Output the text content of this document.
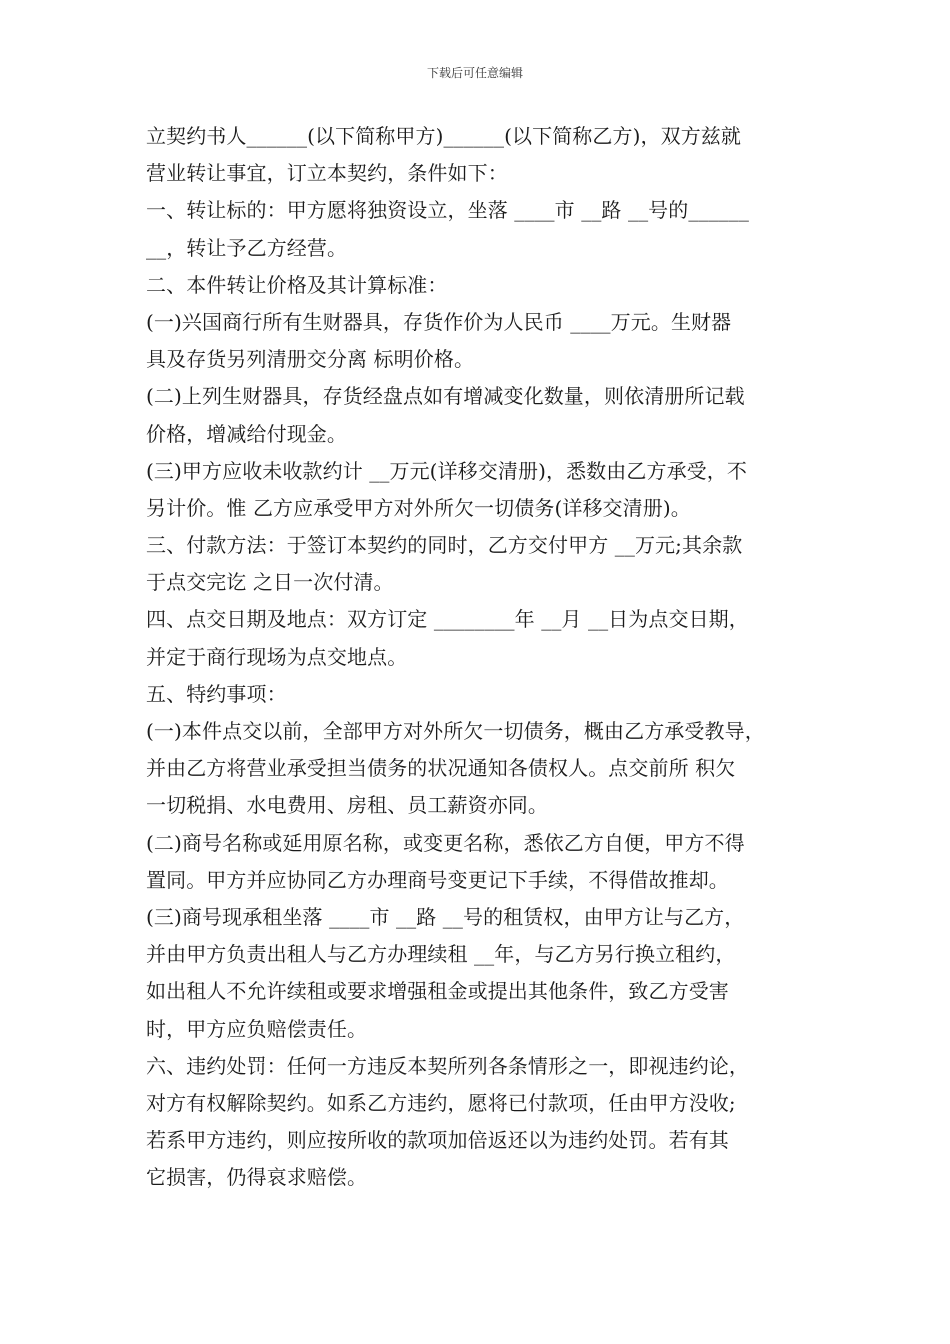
下载后可任意编辑
立契约书人______(以下简称甲方)______(以下简称乙方)，双方兹就
营业转让事宜，订立本契约，条件如下：
一、转让标的：甲方愿将独资设立，坐落 ____市 __路 __号的______
__，转让予乙方经营。
二、本件转让价格及其计算标准：
(一)兴国商行所有生财器具，存货作价为人民币 ____万元。生财器
具及存货另列清册交分离 标明价格。
(二)上列生财器具，存货经盘点如有增减变化数量，则依清册所记载
价格，增减给付现金。
(三)甲方应收未收款约计 __万元(详移交清册)，悉数由乙方承受，不
另计价。惟 乙方应承受甲方对外所欠一切债务(详移交清册)。
三、付款方法：于签订本契约的同时，乙方交付甲方 __万元;其余款
于点交完讫 之日一次付清。
四、点交日期及地点：双方订定 ________年 __月 __日为点交日期，
并定于商行现场为点交地点。
五、特约事项：
(一)本件点交以前，全部甲方对外所欠一切债务，概由乙方承受教导，
并由乙方将营业承受担当债务的状况通知各债权人。点交前所 积欠
一切税捐、水电费用、房租、员工薪资亦同。
(二)商号名称或延用原名称，或变更名称，悉依乙方自便，甲方不得
置同。甲方并应协同乙方办理商号变更记下手续，不得借故推却。
(三)商号现承租坐落 ____市 __路 __号的租赁权，由甲方让与乙方，
并由甲方负责出租人与乙方办理续租 __年，与乙方另行换立租约，
如出租人不允许续租或要求增强租金或提出其他条件，致乙方受害
时，甲方应负赔偿责任。
六、违约处罚：任何一方违反本契所列各条情形之一，即视违约论，
对方有权解除契约。如系乙方违约，愿将已付款项，任由甲方没收;
若系甲方违约，则应按所收的款项加倍返还以为违约处罚。若有其
它损害，仍得哀求赔偿。
